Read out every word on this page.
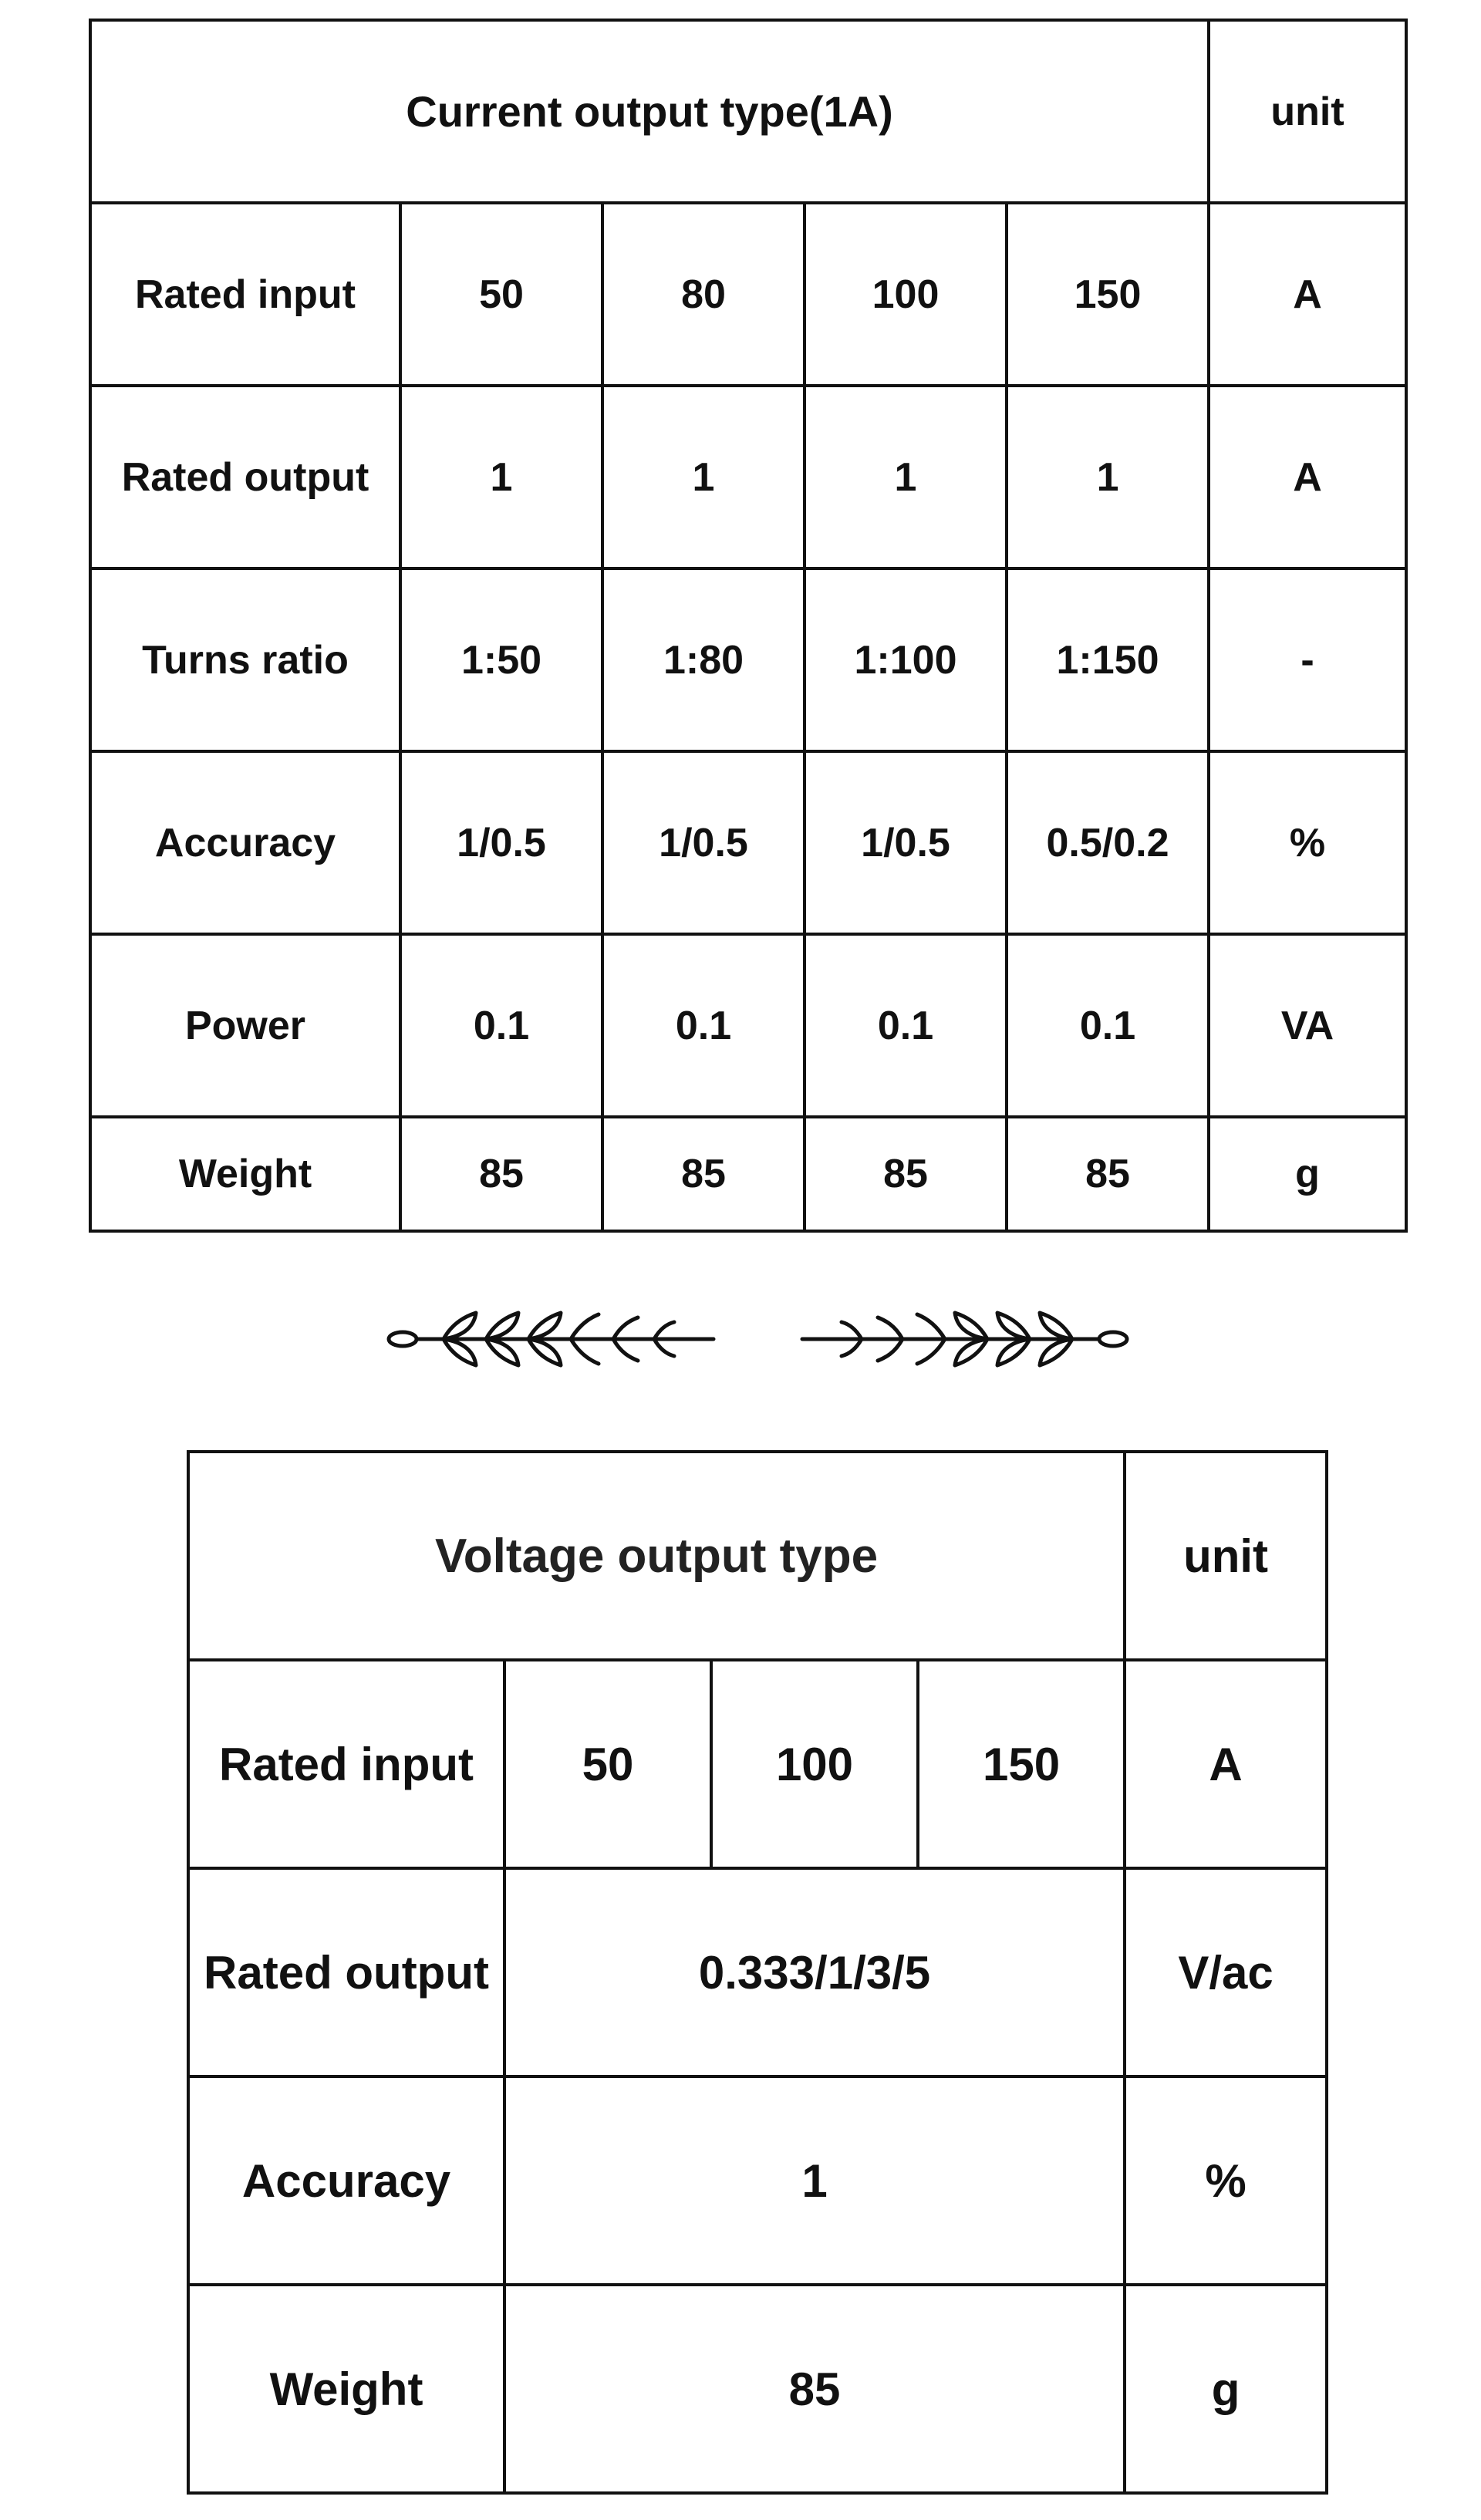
Current output type(1A)					unit
Rated input	50	80	100	150	A
Rated output	1	1	1	1	A
Turns ratio	1:50	1:80	1:100	1:150	-
Accuracy	1/0.5	1/0.5	1/0.5	0.5/0.2	%
Power	0.1	0.1	0.1	0.1	VA
Weight	85	85	85	85	g
Voltage output type				unit
Rated input	50	100	150	A
Rated output	0.333/1/3/5			V/ac
Accuracy	1			%
Weight	85			g
